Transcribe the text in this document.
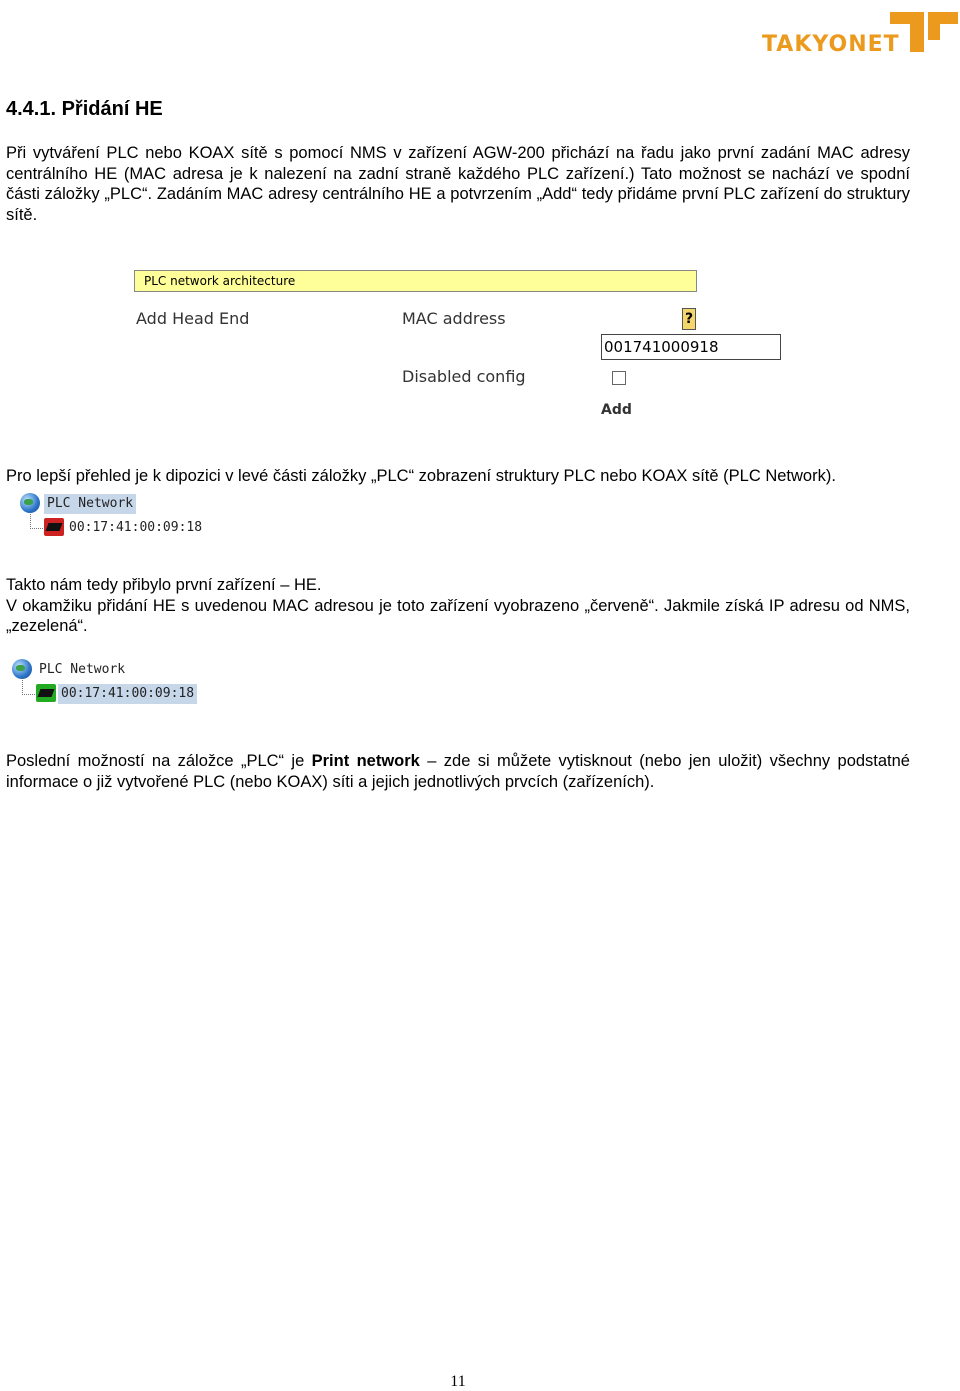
TAKYONET
4.4.1. Přidání HE

Při vytváření PLC nebo KOAX sítě s pomocí NMS v zařízení AGW-200 přichází na řadu jako první zadání MAC adresy centrálního HE (MAC adresa je k nalezení na zadní straně každého PLC zařízení.) Tato možnost se nachází ve spodní části záložky „PLC“. Zadáním MAC adresy centrálního HE a potvrzením „Add“ tedy přidáme první PLC zařízení do struktury sítě.

PLC network architecture
Add Head End	MAC address	?
001741000918
Disabled config
Add

Pro lepší přehled je k dipozici v levé části záložky „PLC“ zobrazení struktury PLC nebo KOAX sítě (PLC Network).

PLC Network
00:17:41:00:09:18

Takto nám tedy přibylo první zařízení – HE.

V okamžiku přidání HE s uvedenou MAC adresou je toto zařízení vyobrazeno „červeně“. Jakmile získá IP adresu od NMS, „zezelená“.

PLC Network
00:17:41:00:09:18

Poslední možností na záložce „PLC“ je Print network – zde si můžete vytisknout (nebo jen uložit) všechny podstatné informace o již vytvořené PLC (nebo KOAX) síti a jejich jednotlivých prvcích (zařízeních).

11
